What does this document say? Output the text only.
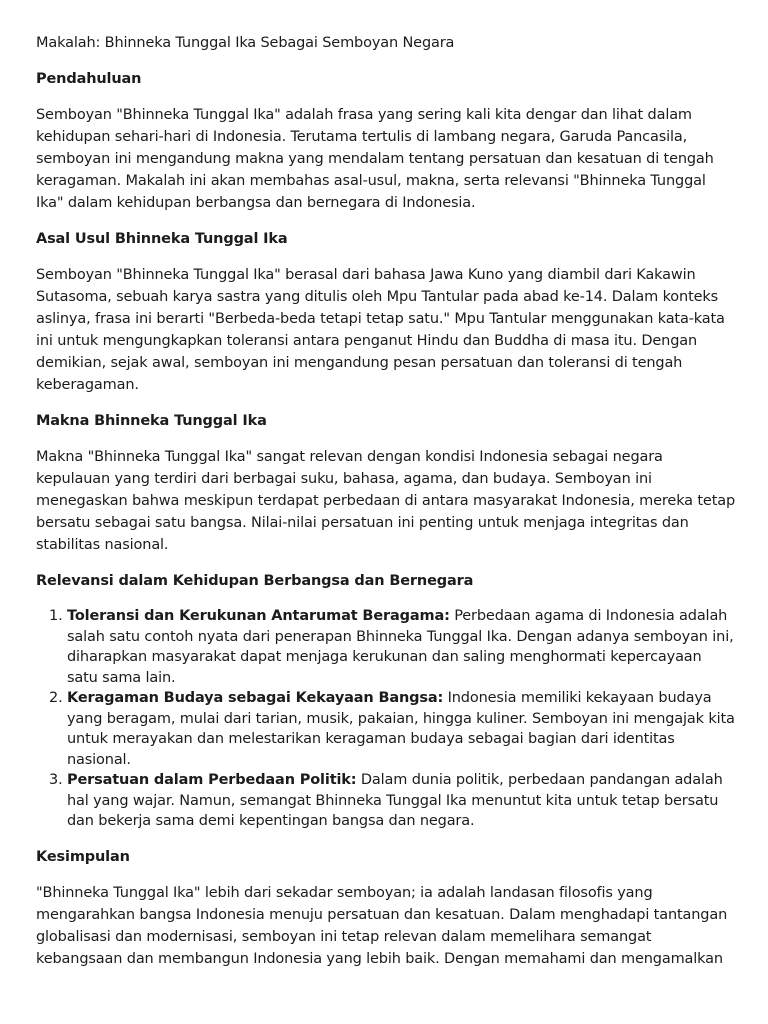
Makalah: Bhinneka Tunggal Ika Sebagai Semboyan Negara

Pendahuluan

Semboyan "Bhinneka Tunggal Ika" adalah frasa yang sering kali kita dengar dan lihat dalam kehidupan sehari-hari di Indonesia. Terutama tertulis di lambang negara, Garuda Pancasila, semboyan ini mengandung makna yang mendalam tentang persatuan dan kesatuan di tengah keragaman. Makalah ini akan membahas asal-usul, makna, serta relevansi "Bhinneka Tunggal Ika" dalam kehidupan berbangsa dan bernegara di Indonesia.

Asal Usul Bhinneka Tunggal Ika

Semboyan "Bhinneka Tunggal Ika" berasal dari bahasa Jawa Kuno yang diambil dari Kakawin Sutasoma, sebuah karya sastra yang ditulis oleh Mpu Tantular pada abad ke-14. Dalam konteks aslinya, frasa ini berarti "Berbeda-beda tetapi tetap satu." Mpu Tantular menggunakan kata-kata ini untuk mengungkapkan toleransi antara penganut Hindu dan Buddha di masa itu. Dengan demikian, sejak awal, semboyan ini mengandung pesan persatuan dan toleransi di tengah keberagaman.

Makna Bhinneka Tunggal Ika

Makna "Bhinneka Tunggal Ika" sangat relevan dengan kondisi Indonesia sebagai negara kepulauan yang terdiri dari berbagai suku, bahasa, agama, dan budaya. Semboyan ini menegaskan bahwa meskipun terdapat perbedaan di antara masyarakat Indonesia, mereka tetap bersatu sebagai satu bangsa. Nilai-nilai persatuan ini penting untuk menjaga integritas dan stabilitas nasional.

Relevansi dalam Kehidupan Berbangsa dan Bernegara
1. Toleransi dan Kerukunan Antarumat Beragama: Perbedaan agama di Indonesia adalah salah satu contoh nyata dari penerapan Bhinneka Tunggal Ika. Dengan adanya semboyan ini, diharapkan masyarakat dapat menjaga kerukunan dan saling menghormati kepercayaan satu sama lain.
2. Keragaman Budaya sebagai Kekayaan Bangsa: Indonesia memiliki kekayaan budaya yang beragam, mulai dari tarian, musik, pakaian, hingga kuliner. Semboyan ini mengajak kita untuk merayakan dan melestarikan keragaman budaya sebagai bagian dari identitas nasional.
3. Persatuan dalam Perbedaan Politik: Dalam dunia politik, perbedaan pandangan adalah hal yang wajar. Namun, semangat Bhinneka Tunggal Ika menuntut kita untuk tetap bersatu dan bekerja sama demi kepentingan bangsa dan negara.
Kesimpulan

"Bhinneka Tunggal Ika" lebih dari sekadar semboyan; ia adalah landasan filosofis yang mengarahkan bangsa Indonesia menuju persatuan dan kesatuan. Dalam menghadapi tantangan globalisasi dan modernisasi, semboyan ini tetap relevan dalam memelihara semangat kebangsaan dan membangun Indonesia yang lebih baik. Dengan memahami dan mengamalkan
